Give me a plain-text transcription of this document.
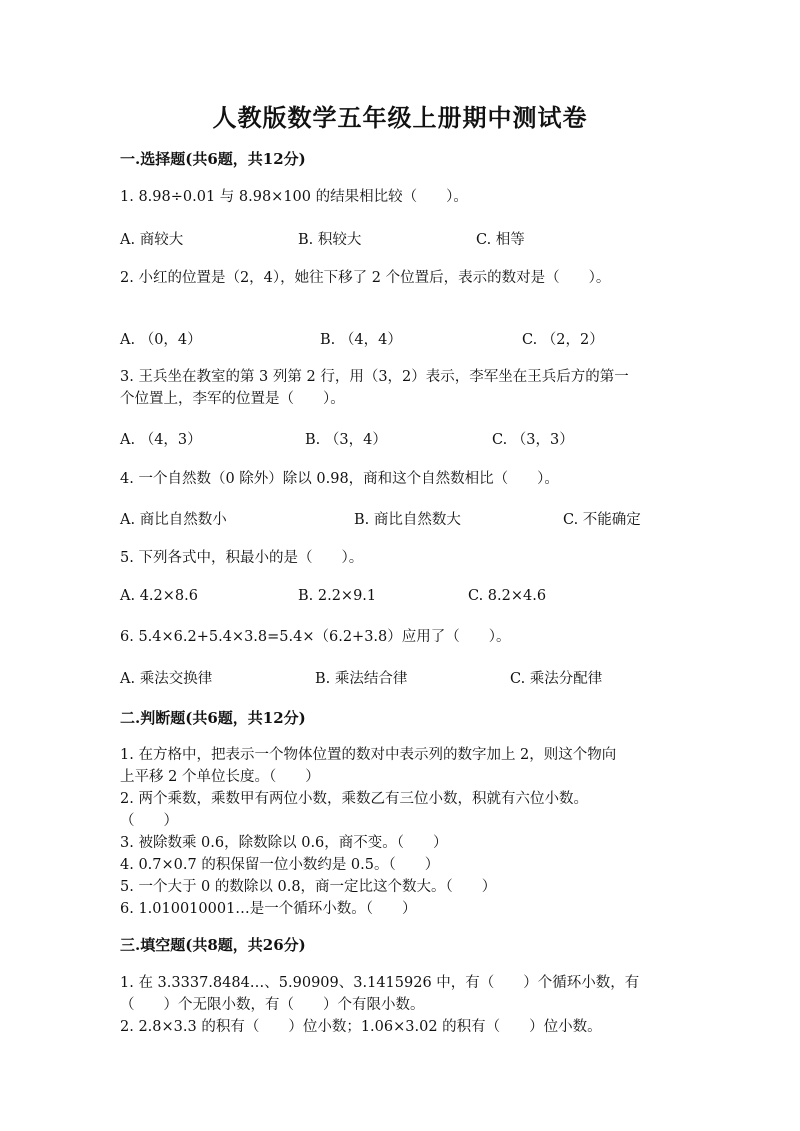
人教版数学五年级上册期中测试卷
一.选择题(共6题，共12分)
1. 8.98÷0.01 与 8.98×100 的结果相比较（　　）。
A. 商较大	B. 积较大	C. 相等
2. 小红的位置是（2，4），她往下移了 2 个位置后，表示的数对是（　　）。
A. （0，4）	B. （4，4）	C. （2，2）
3. 王兵坐在教室的第 3 列第 2 行，用（3，2）表示，李军坐在王兵后方的第一
个位置上，李军的位置是（　　）。
A. （4，3）	B. （3，4）	C. （3，3）
4. 一个自然数（0 除外）除以 0.98，商和这个自然数相比（　　）。
A. 商比自然数小	B. 商比自然数大	C. 不能确定
5. 下列各式中，积最小的是（　　）。
A. 4.2×8.6	B. 2.2×9.1	C. 8.2×4.6
6. 5.4×6.2+5.4×3.8=5.4×（6.2+3.8）应用了（　　）。
A. 乘法交换律	B. 乘法结合律	C. 乘法分配律
二.判断题(共6题，共12分)
1. 在方格中，把表示一个物体位置的数对中表示列的数字加上 2，则这个物向
上平移 2 个单位长度。（　　）
2. 两个乘数，乘数甲有两位小数，乘数乙有三位小数，积就有六位小数。
（　　）
3. 被除数乘 0.6，除数除以 0.6，商不变。（　　）
4. 0.7×0.7 的积保留一位小数约是 0.5。（　　）
5. 一个大于 0 的数除以 0.8，商一定比这个数大。（　　）
6. 1.010010001…是一个循环小数。（　　）
三.填空题(共8题，共26分)
1. 在 3.3337.8484…、5.90909、3.1415926 中，有（　　）个循环小数，有
（　　）个无限小数，有（　　）个有限小数。
2. 2.8×3.3 的积有（　　）位小数；1.06×3.02 的积有（　　）位小数。
